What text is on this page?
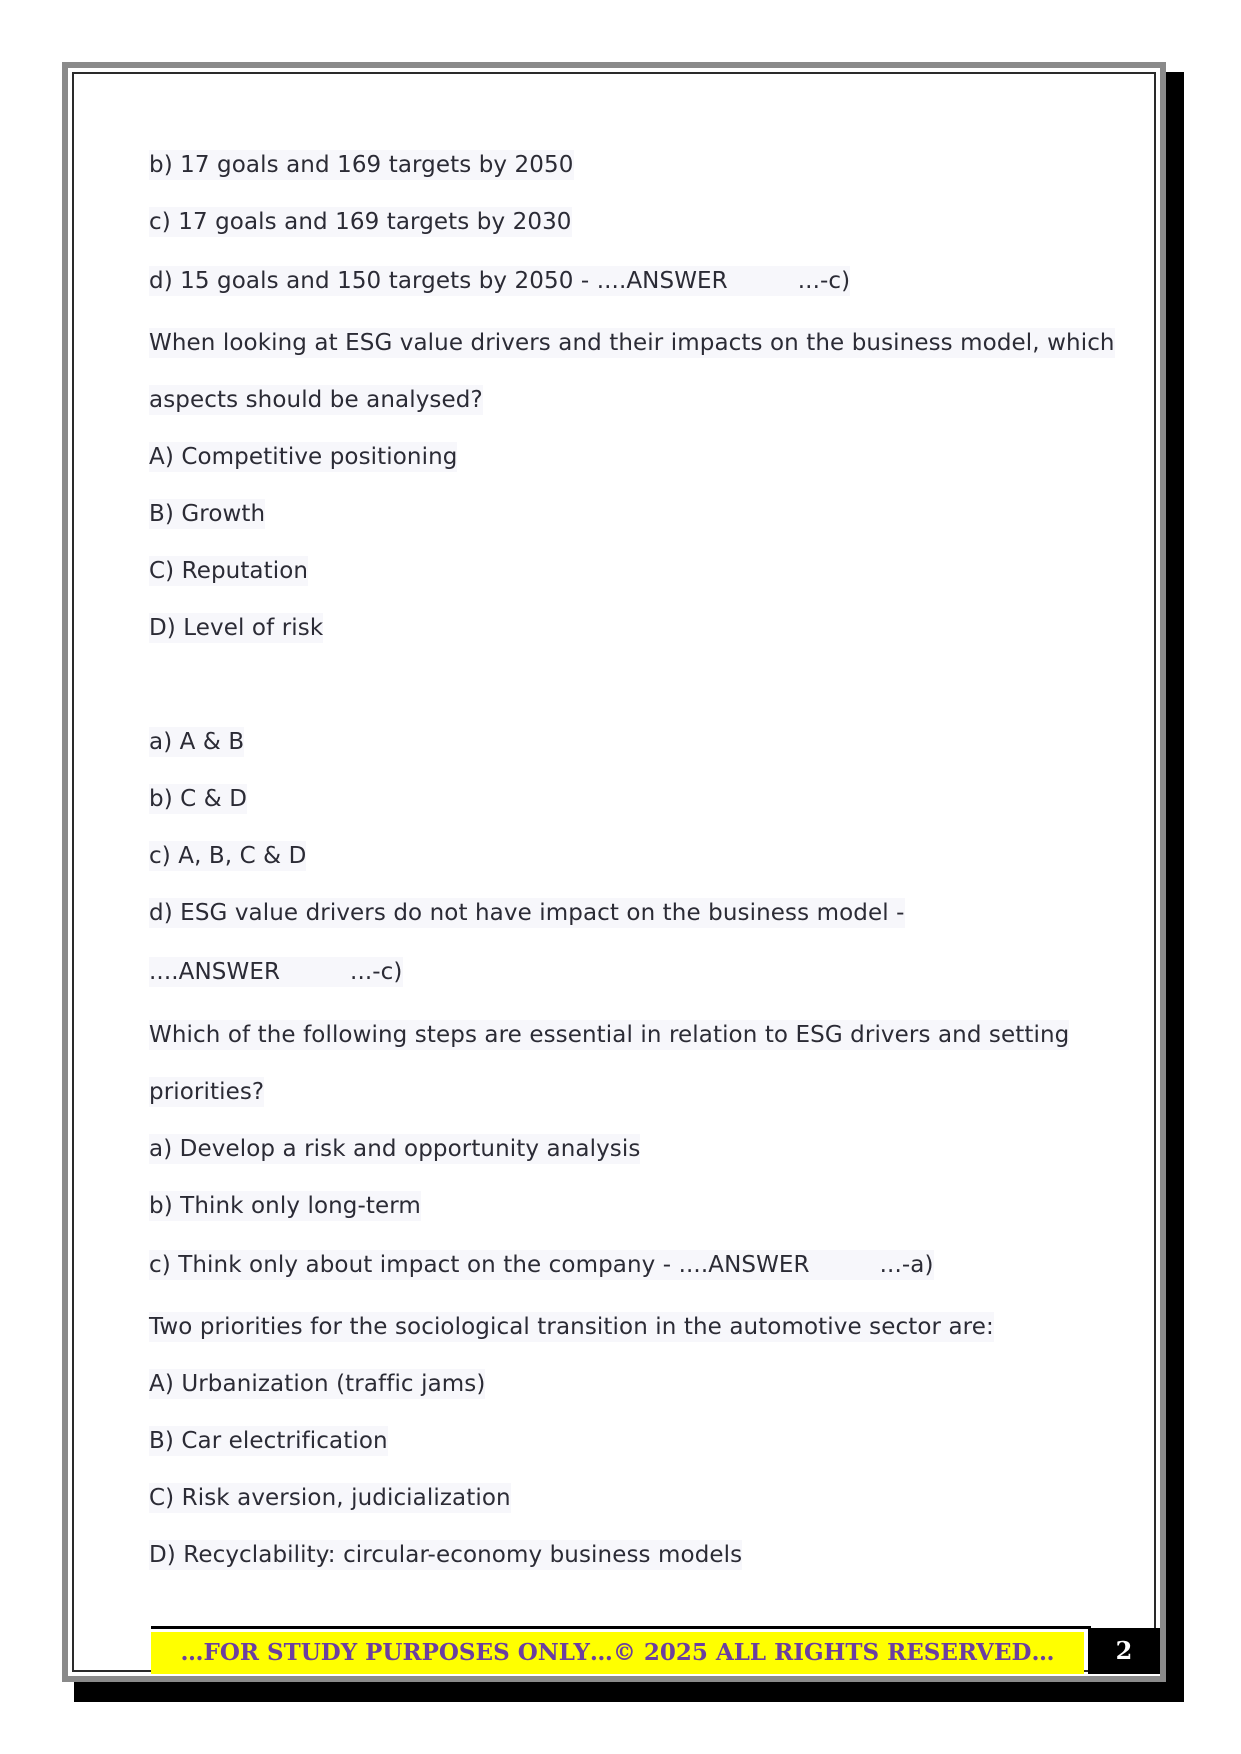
b) 17 goals and 169 targets by 2050
c) 17 goals and 169 targets by 2030
d) 15 goals and 150 targets by 2050 - ....ANSWER	...-c)
When looking at ESG value drivers and their impacts on the business model, which
aspects should be analysed?
A) Competitive positioning
B) Growth
C) Reputation
D) Level of risk
a) A & B
b) C & D
c) A, B, C & D
d) ESG value drivers do not have impact on the business model -
....ANSWER	...-c)
Which of the following steps are essential in relation to ESG drivers and setting
priorities?
a) Develop a risk and opportunity analysis
b) Think only long-term
c) Think only about impact on the company - ....ANSWER	...-a)
Two priorities for the sociological transition in the automotive sector are:
A) Urbanization (traffic jams)
B) Car electrification
C) Risk aversion, judicialization
D) Recyclability: circular-economy business models
…FOR STUDY PURPOSES ONLY…© 2025 ALL RIGHTS RESERVED…	2
